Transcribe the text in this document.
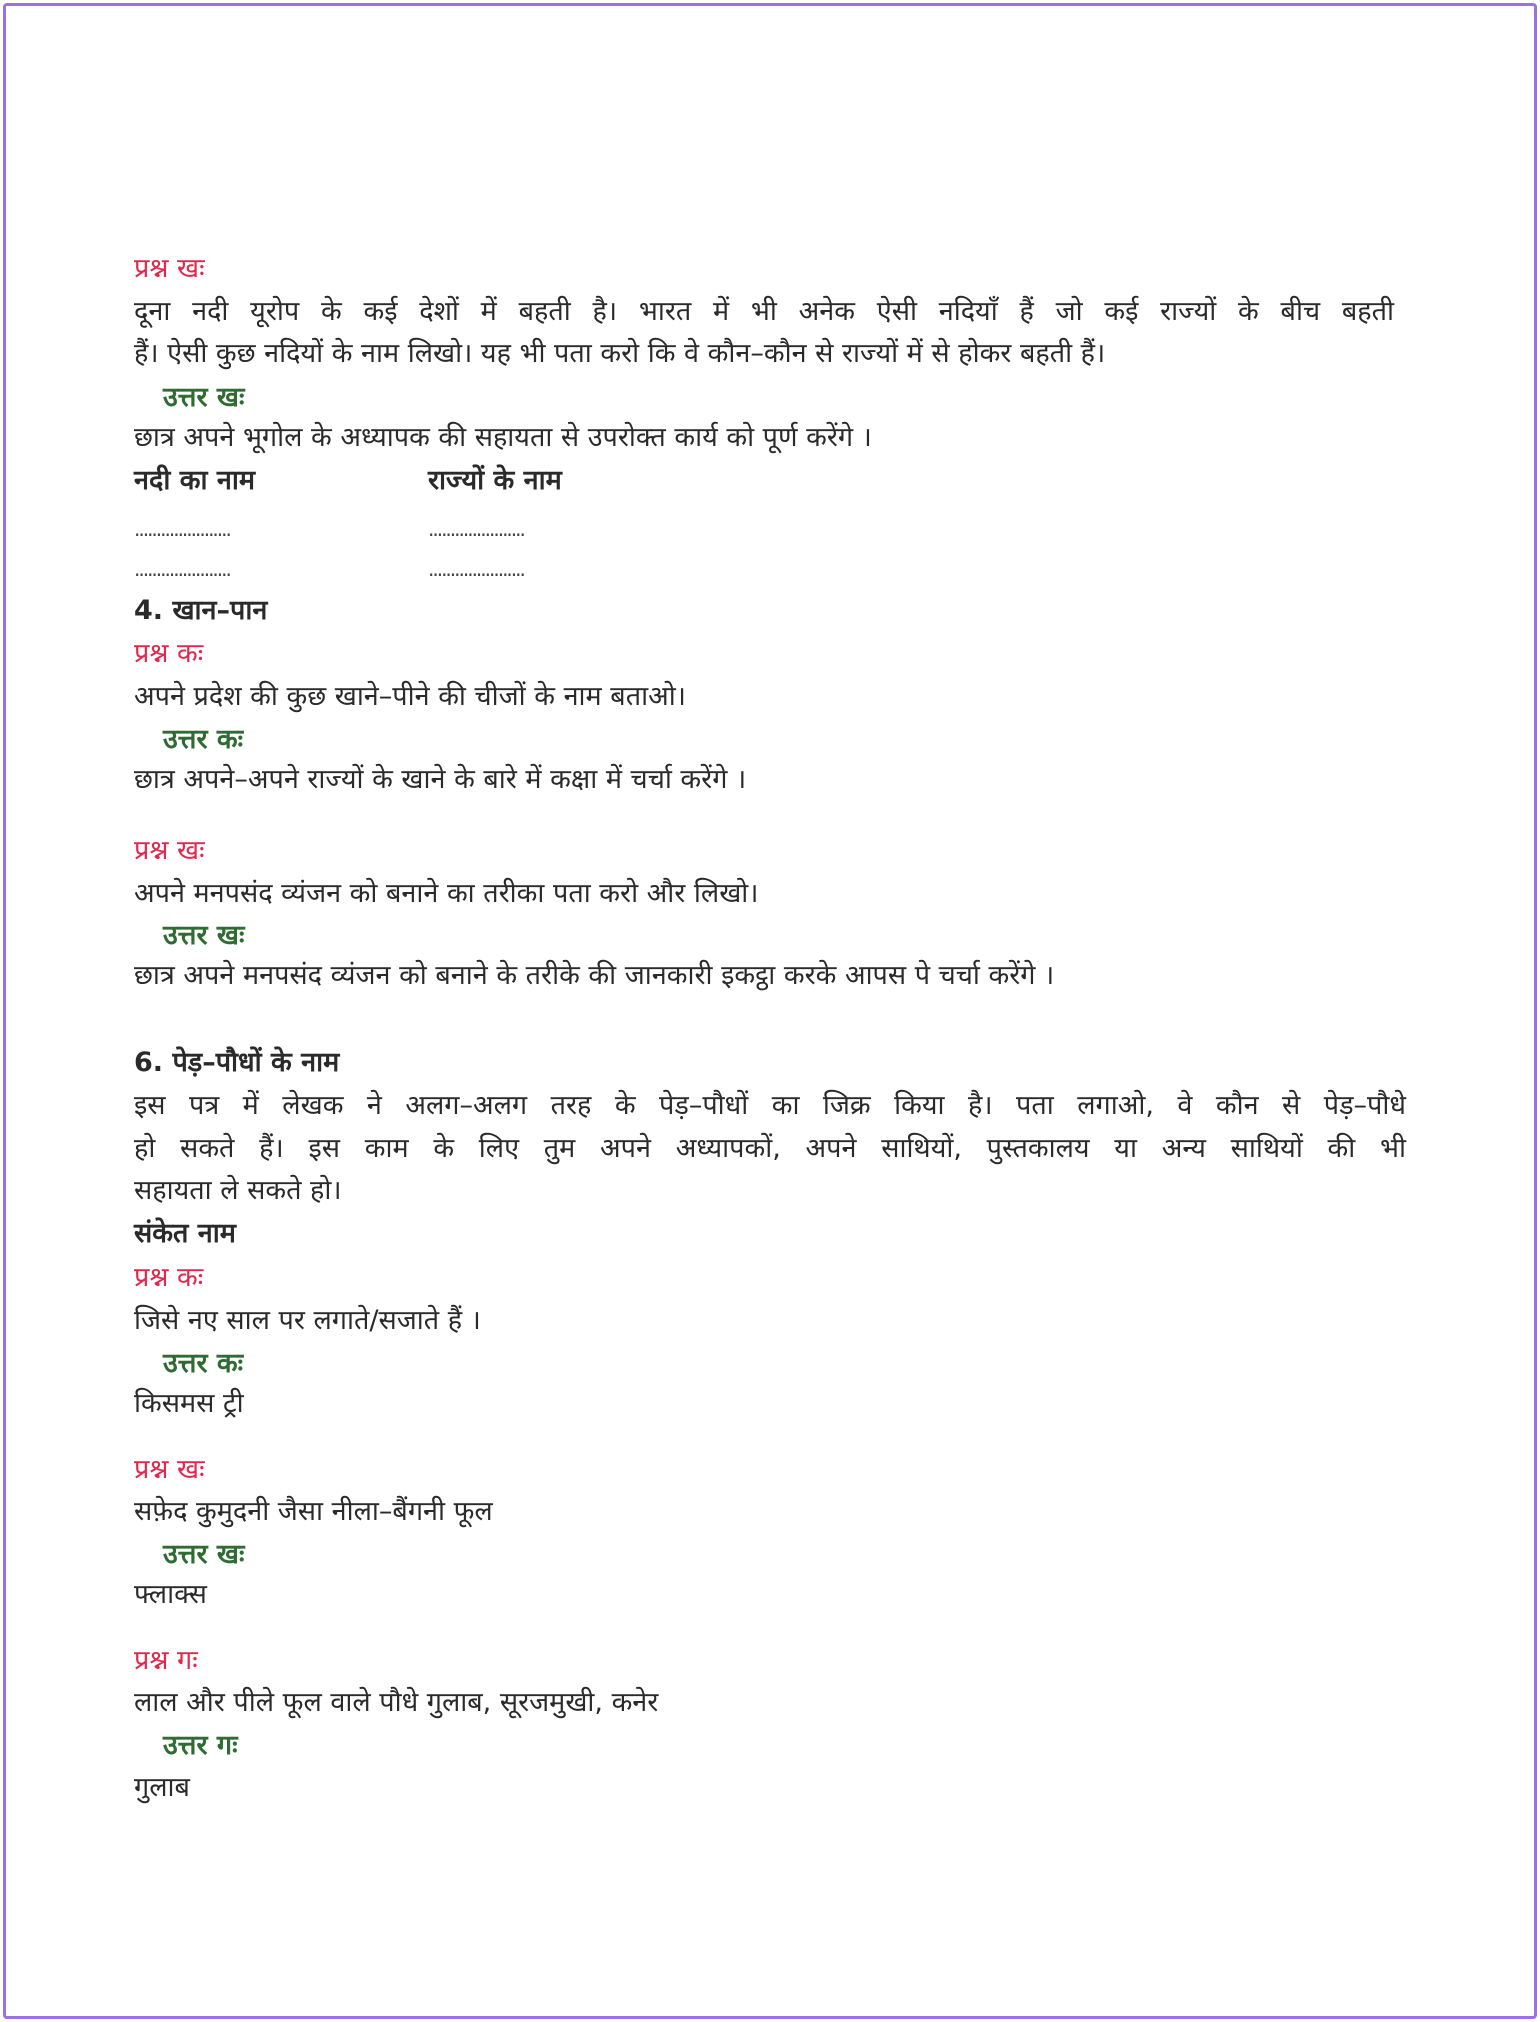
प्रश्न खः
दूना नदी यूरोप के कई देशों में बहती है। भारत में भी अनेक ऐसी नदियाँ हैं जो कई राज्यों के बीच बहती
हैं। ऐसी कुछ नदियों के नाम लिखो। यह भी पता करो कि वे कौन–कौन से राज्यों में से होकर बहती हैं।
उत्तर खः
छात्र अपने भूगोल के अध्यापक की सहायता से उपरोक्त कार्य को पूर्ण करेंगे ।
नदी का नाम	राज्यों के नाम
......................	......................
......................	......................
4. खान–पान
प्रश्न कः
अपने प्रदेश की कुछ खाने–पीने की चीजों के नाम बताओ।
उत्तर कः
छात्र अपने–अपने राज्यों के खाने के बारे में कक्षा में चर्चा करेंगे ।
प्रश्न खः
अपने मनपसंद व्यंजन को बनाने का तरीका पता करो और लिखो।
उत्तर खः
छात्र अपने मनपसंद व्यंजन को बनाने के तरीके की जानकारी इकट्ठा करके आपस पे चर्चा करेंगे ।
6. पेड़–पौधों के नाम
इस पत्र में लेखक ने अलग–अलग तरह के पेड़–पौधों का जिक्र किया है। पता लगाओ, वे कौन से पेड़–पौधे
हो सकते हैं। इस काम के लिए तुम अपने अध्यापकों, अपने साथियों, पुस्तकालय या अन्य साथियों की भी
सहायता ले सकते हो।
संकेत नाम
प्रश्न कः
जिसे नए साल पर लगाते/सजाते हैं ।
उत्तर कः
किसमस ट्री
प्रश्न खः
सफ़ेद कुमुदनी जैसा नीला–बैंगनी फूल
उत्तर खः
फ्लाक्स
प्रश्न गः
लाल और पीले फूल वाले पौधे गुलाब, सूरजमुखी, कनेर
उत्तर गः
गुलाब
